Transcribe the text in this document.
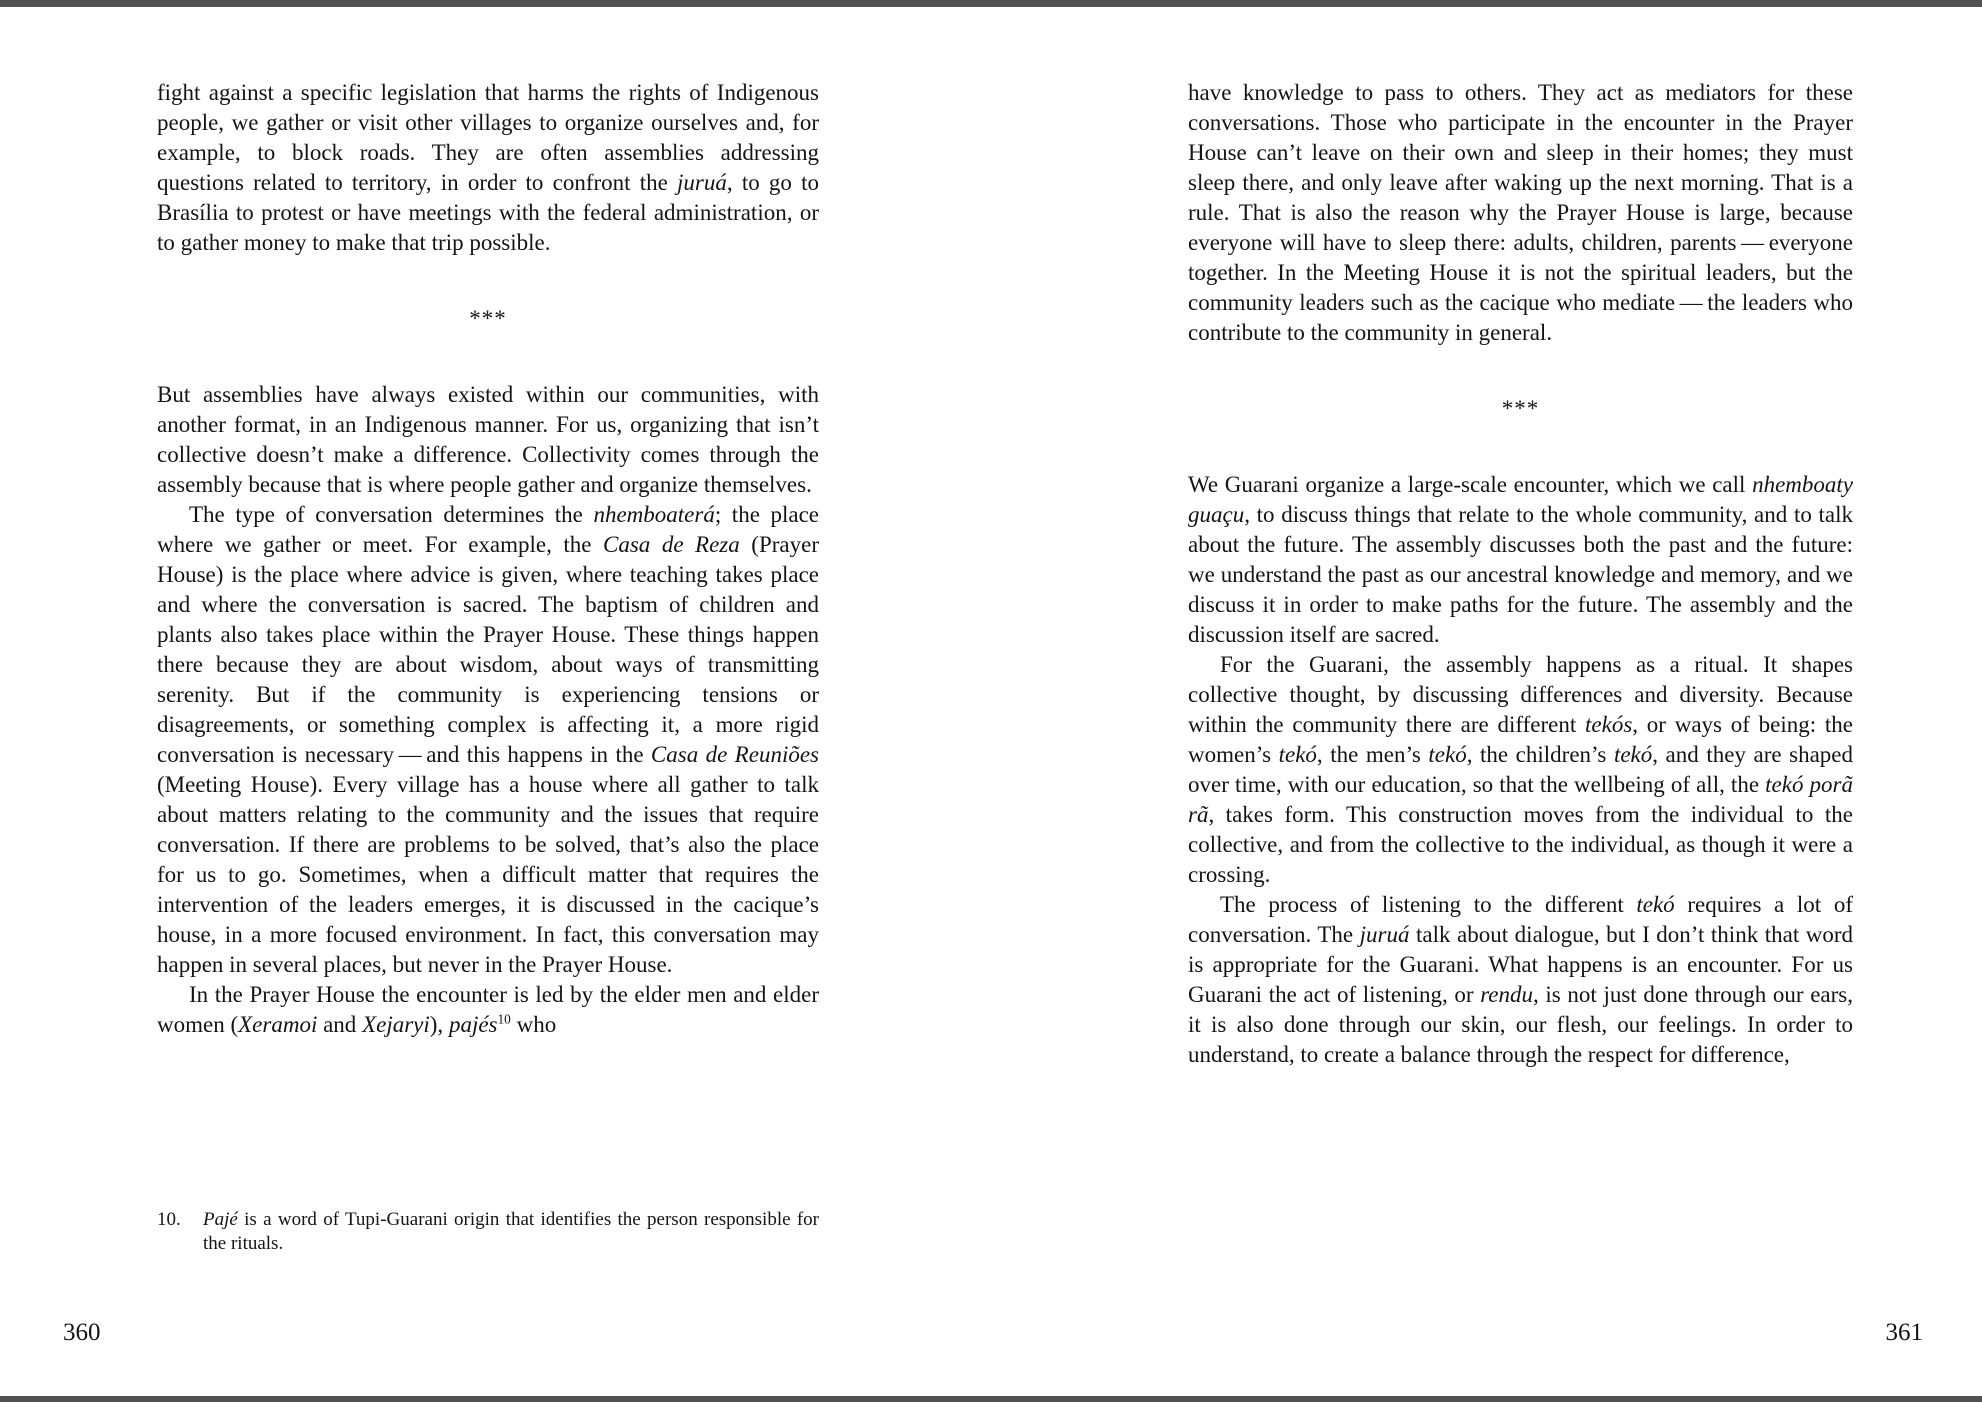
fight against a specific legislation that harms the rights of Indigenous people, we gather or visit other villages to organize ourselves and, for example, to block roads. They are often assemblies addressing questions related to territory, in order to confront the juruá, to go to Brasília to protest or have meetings with the federal administration, or to gather money to make that trip possible.

***

But assemblies have always existed within our communities, with another format, in an Indigenous manner. For us, organizing that isn’t collective doesn’t make a difference. Collectivity comes through the assembly because that is where people gather and organize themselves.

The type of conversation determines the nhemboaterá; the place where we gather or meet. For example, the Casa de Reza (Prayer House) is the place where advice is given, where teaching takes place and where the conversation is sacred. The baptism of children and plants also takes place within the Prayer House. These things happen there because they are about wisdom, about ways of transmitting serenity. But if the community is experiencing tensions or disagreements, or something complex is affecting it, a more rigid conversation is necessary — and this happens in the Casa de Reuniões (Meeting House). Every village has a house where all gather to talk about matters relating to the community and the issues that require conversation. If there are problems to be solved, that’s also the place for us to go. Sometimes, when a difficult matter that requires the intervention of the leaders emerges, it is discussed in the cacique’s house, in a more focused environment. In fact, this conversation may happen in several places, but never in the Prayer House.

In the Prayer House the encounter is led by the elder men and elder women (Xeramoi and Xejaryi), pajés$^{10}$ who

have knowledge to pass to others. They act as mediators for these conversations. Those who participate in the encounter in the Prayer House can’t leave on their own and sleep in their homes; they must sleep there, and only leave after waking up the next morning. That is a rule. That is also the reason why the Prayer House is large, because everyone will have to sleep there: adults, children, parents — everyone together. In the Meeting House it is not the spiritual leaders, but the community leaders such as the cacique who mediate — the leaders who contribute to the community in general.

***

We Guarani organize a large-scale encounter, which we call nhemboaty guaçu, to discuss things that relate to the whole community, and to talk about the future. The assembly discusses both the past and the future: we understand the past as our ancestral knowledge and memory, and we discuss it in order to make paths for the future. The assembly and the discussion itself are sacred.

For the Guarani, the assembly happens as a ritual. It shapes collective thought, by discussing differences and diversity. Because within the community there are different tekós, or ways of being: the women’s tekó, the men’s tekó, the children’s tekó, and they are shaped over time, with our education, so that the wellbeing of all, the tekó porã rã, takes form. This construction moves from the individual to the collective, and from the collective to the individual, as though it were a crossing.

The process of listening to the different tekó requires a lot of conversation. The juruá talk about dialogue, but I don’t think that word is appropriate for the Guarani. What happens is an encounter. For us Guarani the act of listening, or rendu, is not just done through our ears, it is also done through our skin, our flesh, our feelings. In order to understand, to create a balance through the respect for difference,

10.	Pajé is a word of Tupi-Guarani origin that identifies the person responsible for the rituals.
360	361
